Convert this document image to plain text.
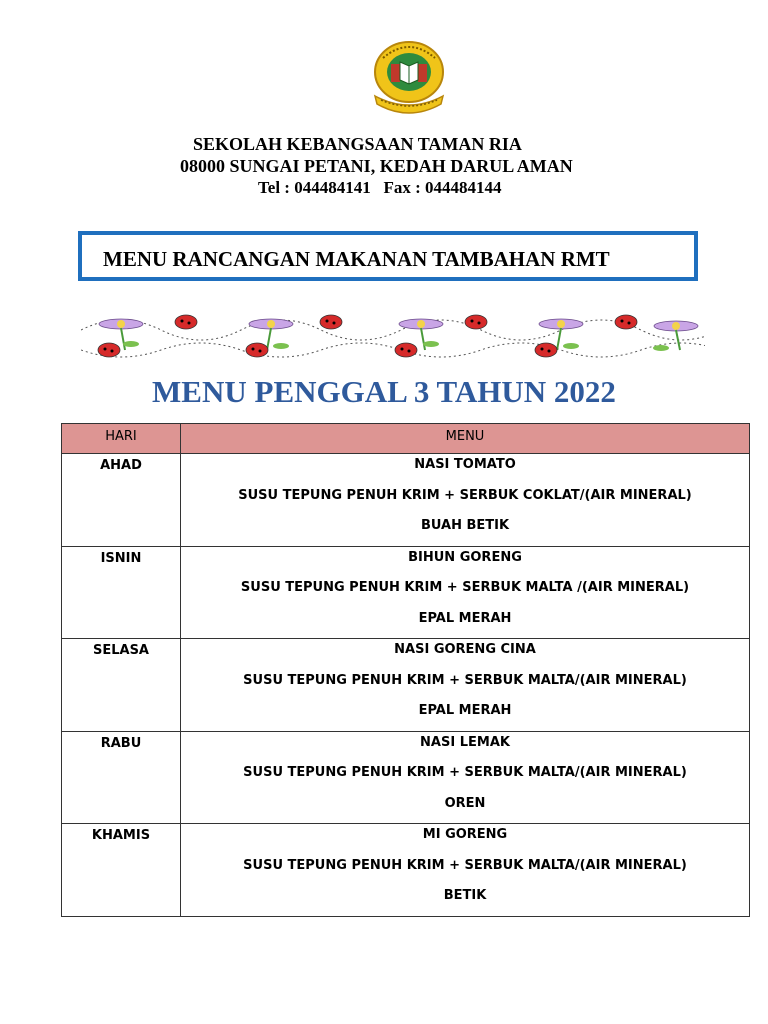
SEKOLAH KEBANGSAAN TAMAN RIA
08000 SUNGAI PETANI, KEDAH DARUL AMAN
Tel : 044484141   Fax : 044484144
MENU RANCANGAN MAKANAN TAMBAHAN RMT
MENU PENGGAL 3 TAHUN 2022
HARI	MENU
AHAD	NASI TOMATO
SUSU TEPUNG PENUH KRIM + SERBUK COKLAT/(AIR MINERAL)
BUAH BETIK

ISNIN	BIHUN GORENG
SUSU TEPUNG PENUH KRIM + SERBUK MALTA /(AIR MINERAL)
EPAL MERAH

SELASA	NASI GORENG CINA
SUSU TEPUNG PENUH KRIM + SERBUK MALTA/(AIR MINERAL)
EPAL MERAH

RABU	NASI LEMAK
SUSU TEPUNG PENUH KRIM + SERBUK MALTA/(AIR MINERAL)
OREN

KHAMIS	MI GORENG
SUSU TEPUNG PENUH KRIM + SERBUK MALTA/(AIR MINERAL)
BETIK
